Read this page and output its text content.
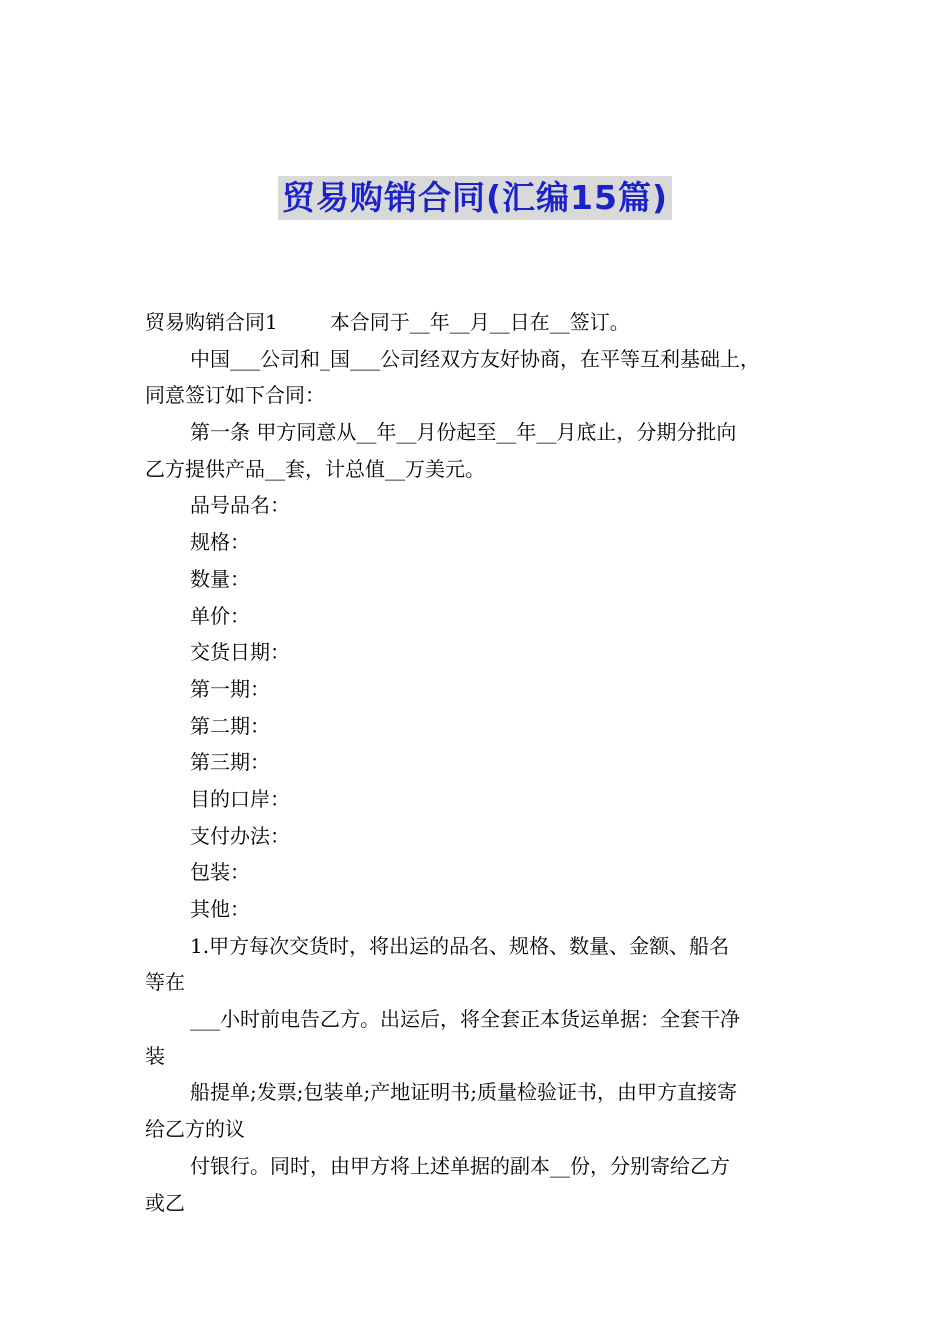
贸易购销合同(汇编15篇)
贸易购销合同1	本合同于__年__月__日在__签订。
中国___公司和_国___公司经双方友好协商，在平等互利基础上，
同意签订如下合同：
第一条 甲方同意从__年__月份起至__年__月底止，分期分批向
乙方提供产品__套，计总值__万美元。
品号品名：
规格：
数量：
单价：
交货日期：
第一期：
第二期：
第三期：
目的口岸：
支付办法：
包装：
其他：
1.甲方每次交货时，将出运的品名、规格、数量、金额、船名
等在
___小时前电告乙方。出运后，将全套正本货运单据：全套干净
装
船提单;发票;包装单;产地证明书;质量检验证书，由甲方直接寄
给乙方的议
付银行。同时，由甲方将上述单据的副本__份，分别寄给乙方
或乙
